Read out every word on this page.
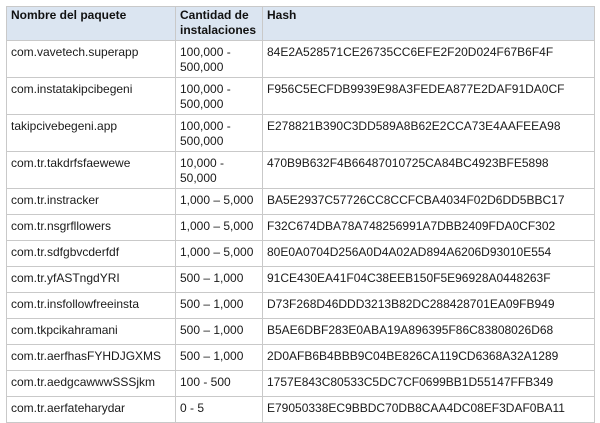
Nombre del paquete	Cantidad de instalaciones	Hash
com.vavetech.superapp	100,000 - 500,000	84E2A528571CE26735CC6EFE2F20D024F67B6F4F
com.instatakipcibegeni	100,000 - 500,000	F956C5ECFDB9939E98A3FEDEA877E2DAF91DA0CF
takipcivebegeni.app	100,000 - 500,000	E278821B390C3DD589A8B62E2CCA73E4AAFEEA98
com.tr.takdrfsfaewewe	10,000 - 50,000	470B9B632F4B66487010725CA84BC4923BFE5898
com.tr.instracker	1,000 – 5,000	BA5E2937C57726CC8CCFCBA4034F02D6DD5BBC17
com.tr.nsgrfllowers	1,000 – 5,000	F32C674DBA78A748256991A7DBB2409FDA0CF302
com.tr.sdfgbvcderfdf	1,000 – 5,000	80E0A0704D256A0D4A02AD894A6206D93010E554
com.tr.yfASTngdYRI	500 – 1,000	91CE430EA41F04C38EEB150F5E96928A0448263F
com.tr.insfollowfreeinsta	500 – 1,000	D73F268D46DDD3213B82DC288428701EA09FB949
com.tkpcikahramani	500 – 1,000	B5AE6DBF283E0ABA19A896395F86C83808026D68
com.tr.aerfhasFYHDJGXMS	500 – 1,000	2D0AFB6B4BBB9C04BE826CA119CD6368A32A1289
com.tr.aedgcawwwSSSjkm	100 - 500	1757E843C80533C5DC7CF0699BB1D55147FFB349
com.tr.aerfateharydar	0 - 5	E79050338EC9BBDC70DB8CAA4DC08EF3DAF0BA11
